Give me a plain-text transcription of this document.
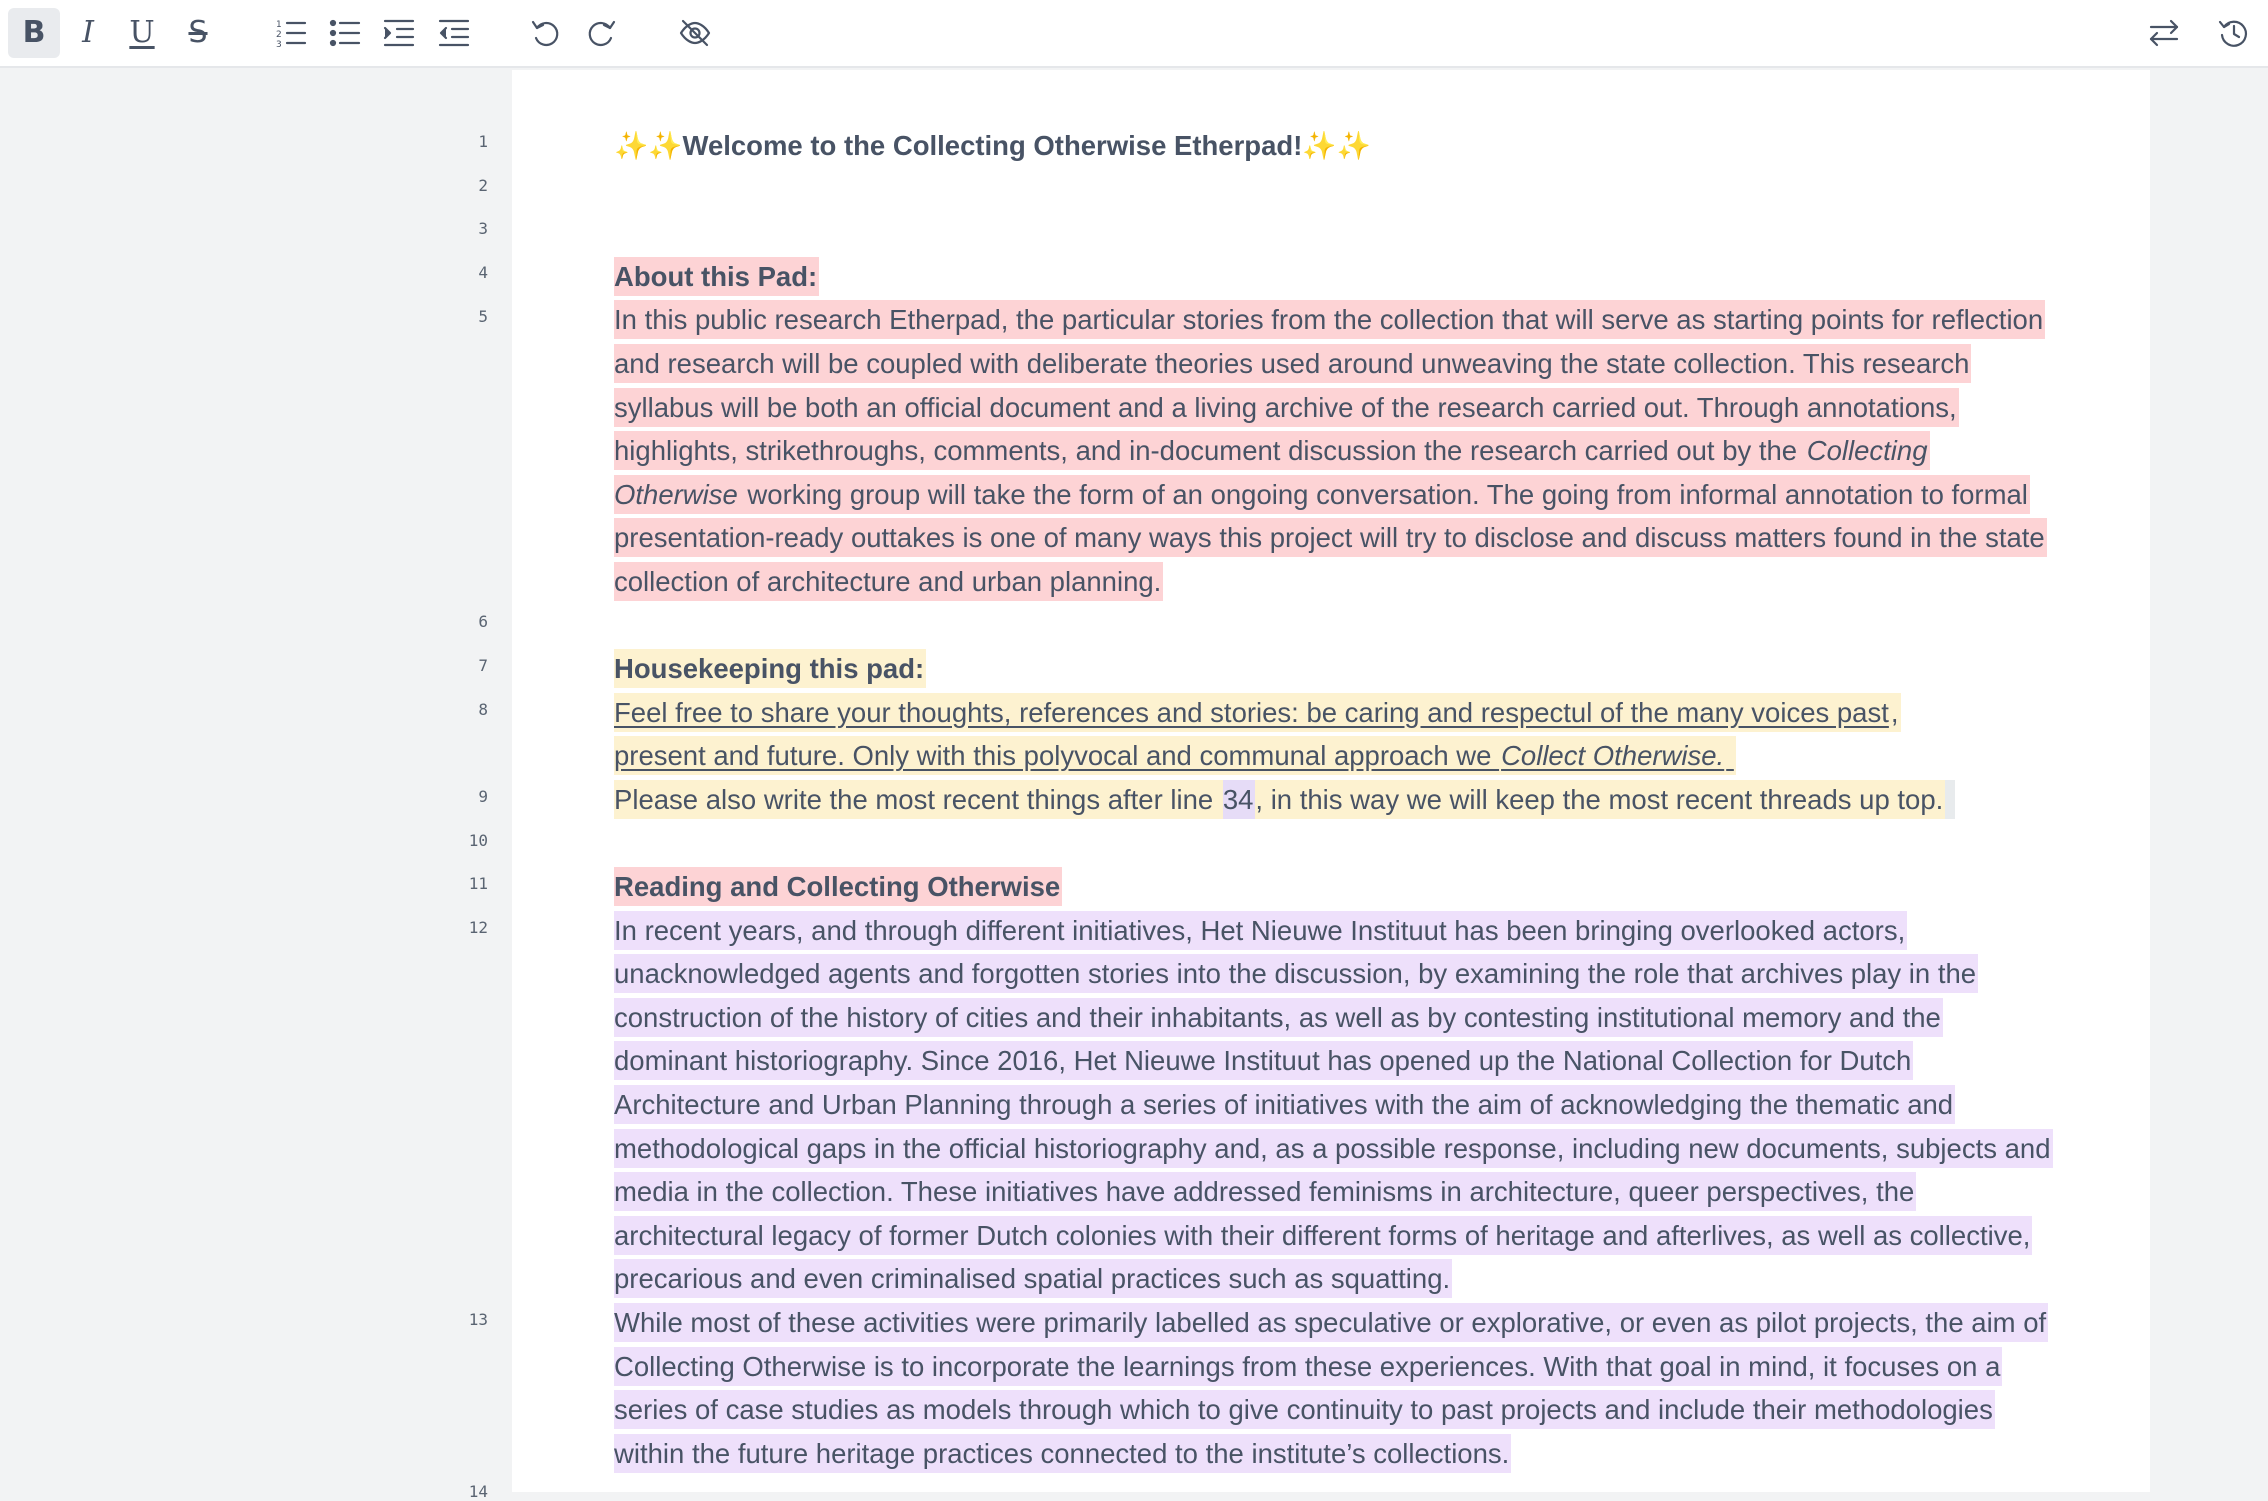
B I U S	1
2
3
1
2
3
4
5
6
7
8
9
10
11
12
13
14
✨✨Welcome to the Collecting Otherwise Etherpad!✨✨
About this Pad:
In this public research Etherpad, the particular stories from the collection that will serve as starting points for reflection and research will be coupled with deliberate theories used around unweaving the state collection. This research syllabus will be both an official document and a living archive of the research carried out. Through annotations, highlights, strikethroughs, comments, and in-document discussion the research carried out by the Collecting Otherwise working group will take the form of an ongoing conversation. The going from informal annotation to formal presentation-ready outtakes is one of many ways this project will try to disclose and discuss matters found in the state collection of architecture and urban planning.
Housekeeping this pad:
Feel free to share your thoughts, references and stories: be caring and respectul of the many voices past,
present and future. Only with this polyvocal and communal approach we Collect Otherwise.
Please also write the most recent things after line 34, in this way we will keep the most recent threads up top.
Reading and Collecting Otherwise
In recent years, and through different initiatives, Het Nieuwe Instituut has been bringing overlooked actors, unacknowledged agents and forgotten stories into the discussion, by examining the role that archives play in the construction of the history of cities and their inhabitants, as well as by contesting institutional memory and the dominant historiography. Since 2016, Het Nieuwe Instituut has opened up the National Collection for Dutch Architecture and Urban Planning through a series of initiatives with the aim of acknowledging the thematic and methodological gaps in the official historiography and, as a possible response, including new documents, subjects and media in the collection. These initiatives have addressed feminisms in architecture, queer perspectives, the architectural legacy of former Dutch colonies with their different forms of heritage and afterlives, as well as collective, precarious and even criminalised spatial practices such as squatting.
While most of these activities were primarily labelled as speculative or explorative, or even as pilot projects, the aim of Collecting Otherwise is to incorporate the learnings from these experiences. With that goal in mind, it focuses on a series of case studies as models through which to give continuity to past projects and include their methodologies within the future heritage practices connected to the institute’s collections.
